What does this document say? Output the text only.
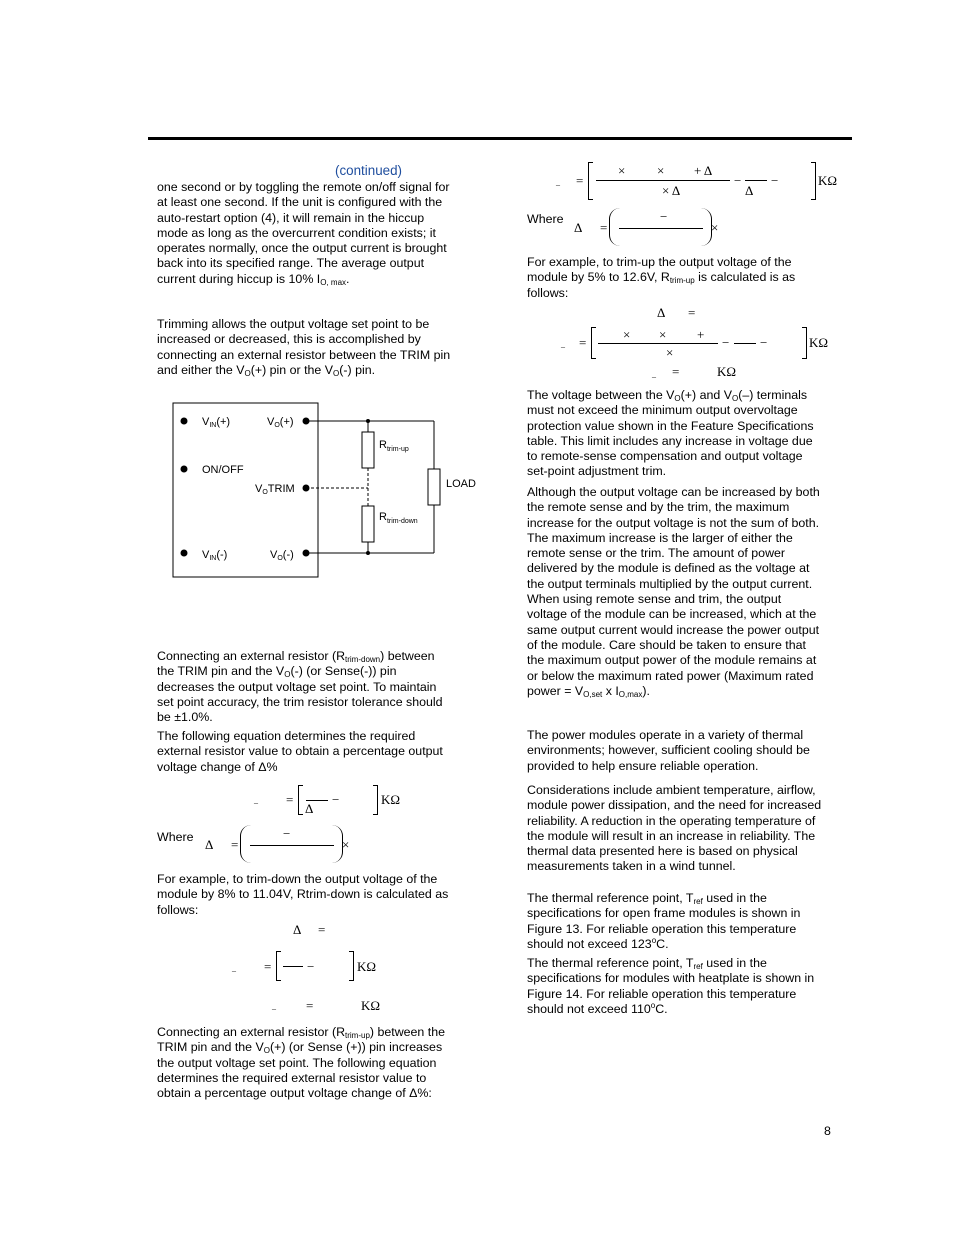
(continued)

one second or by toggling the remote on/off signal for

at least one second. If the unit is configured with the

auto-restart option (4), it will remain in the hiccup

mode as long as the overcurrent condition exists; it

operates normally, once the output current is brought

back into its specified range. The average output

current during hiccup is 10% $I_{O, max}$.

Trimming allows the output voltage set point to be

increased or decreased, this is accomplished by

connecting an external resistor between the TRIM pin

and either the $V_O(+)$ pin or the $V_O(-)$ pin.

VIN(+)
ON/OFF
VIN(-)
VO(+)
VOTRIM
VO(-)
$R_{trim-up}$
$R_{trim-down}$
LOAD

Connecting an external resistor $(R_{trim-down})$ between

the TRIM pin and the $V_O(-)$ (or Sense(-)) pin

decreases the output voltage set point. To maintain

set point accuracy, the trim resistor tolerance should

be ±1.0%.

The following equation determines the required

external resistor value to obtain a percentage output

voltage change of Δ%

_ =
Δ
−	KΩ
Where Δ =
−
×

For example, to trim-down the output voltage of the

module by 8% to 11.04V, Rtrim-down is calculated as

follows:

Δ =
_ =	−	KΩ
_ =	KΩ

Connecting an external resistor $(R_{trim-up})$ between the

TRIM pin and the $V_O(+)$ (or Sense (+)) pin increases

the output voltage set point. The following equation

determines the required external resistor value to

obtain a percentage output voltage change of Δ%:

_ =
× × + Δ
× Δ
−
Δ
−	KΩ
Where
Δ =
−
×

For example, to trim-up the output voltage of the

module by 5% to 12.6V, $R_{trim-up}$ is calculated is as

follows:

Δ =
_ =
× × +
×
− −	KΩ
_ =	KΩ

The voltage between the $V_O(+)$ and $V_O(-)$ terminals

must not exceed the minimum output overvoltage

protection value shown in the Feature Specifications

table. This limit includes any increase in voltage due

to remote-sense compensation and output voltage

set-point adjustment trim.

Although the output voltage can be increased by both

the remote sense and by the trim, the maximum

increase for the output voltage is not the sum of both.

The maximum increase is the larger of either the

remote sense or the trim. The amount of power

delivered by the module is defined as the voltage at

the output terminals multiplied by the output current.

When using remote sense and trim, the output

voltage of the module can be increased, which at the

same output current would increase the power output

of the module. Care should be taken to ensure that

the maximum output power of the module remains at

or below the maximum rated power (Maximum rated

power = $V_{O,set}$ x $I_{O,max}$).

The power modules operate in a variety of thermal

environments; however, sufficient cooling should be

provided to help ensure reliable operation.

Considerations include ambient temperature, airflow,

module power dissipation, and the need for increased

reliability. A reduction in the operating temperature of

the module will result in an increase in reliability. The

thermal data presented here is based on physical

measurements taken in a wind tunnel.

The thermal reference point, $T_{ref}$ used in the

specifications for open frame modules is shown in

Figure 13. For reliable operation this temperature

should not exceed 123$^o$C.

The thermal reference point, $T_{ref}$ used in the

specifications for modules with heatplate is shown in

Figure 14. For reliable operation this temperature

should not exceed 110$^o$C.

8
